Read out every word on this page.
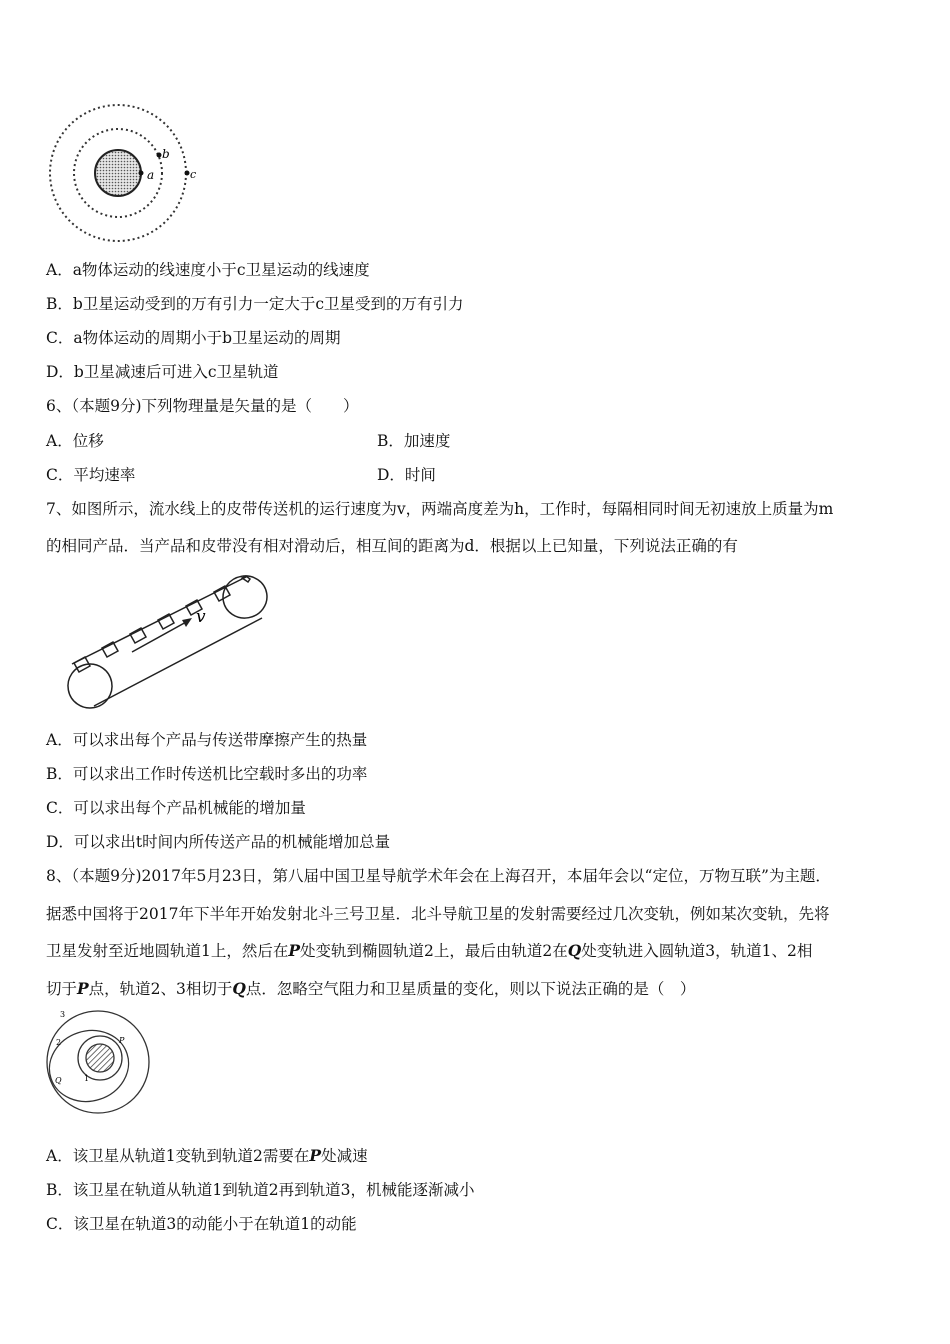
a
b
c
A．a物体运动的线速度小于c卫星运动的线速度
B．b卫星运动受到的万有引力一定大于c卫星受到的万有引力
C．a物体运动的周期小于b卫星运动的周期
D．b卫星减速后可进入c卫星轨道
6、（本题9分)下列物理量是矢量的是（　　）
A．位移	B．加速度
C．平均速率	D．时间
7、如图所示，流水线上的皮带传送机的运行速度为v，两端高度差为h，工作时，每隔相同时间无初速放上质量为m
的相同产品．当产品和皮带没有相对滑动后，相互间的距离为d．根据以上已知量，下列说法正确的有
v
A．可以求出每个产品与传送带摩擦产生的热量
B．可以求出工作时传送机比空载时多出的功率
C．可以求出每个产品机械能的增加量
D．可以求出t时间内所传送产品的机械能增加总量
8、（本题9分)2017年5月23日，第八届中国卫星导航学术年会在上海召开，本届年会以“定位，万物互联”为主题．
据悉中国将于2017年下半年开始发射北斗三号卫星．北斗导航卫星的发射需要经过几次变轨，例如某次变轨，先将
卫星发射至近地圆轨道1上，然后在P处变轨到椭圆轨道2上，最后由轨道2在Q处变轨进入圆轨道3，轨道1、2相
切于P点，轨道2、3相切于Q点．忽略空气阻力和卫星质量的变化，则以下说法正确的是（　）
3
2	P
Q	1
A．该卫星从轨道1变轨到轨道2需要在P处减速
B．该卫星在轨道从轨道1到轨道2再到轨道3，机械能逐渐减小
C．该卫星在轨道3的动能小于在轨道1的动能
